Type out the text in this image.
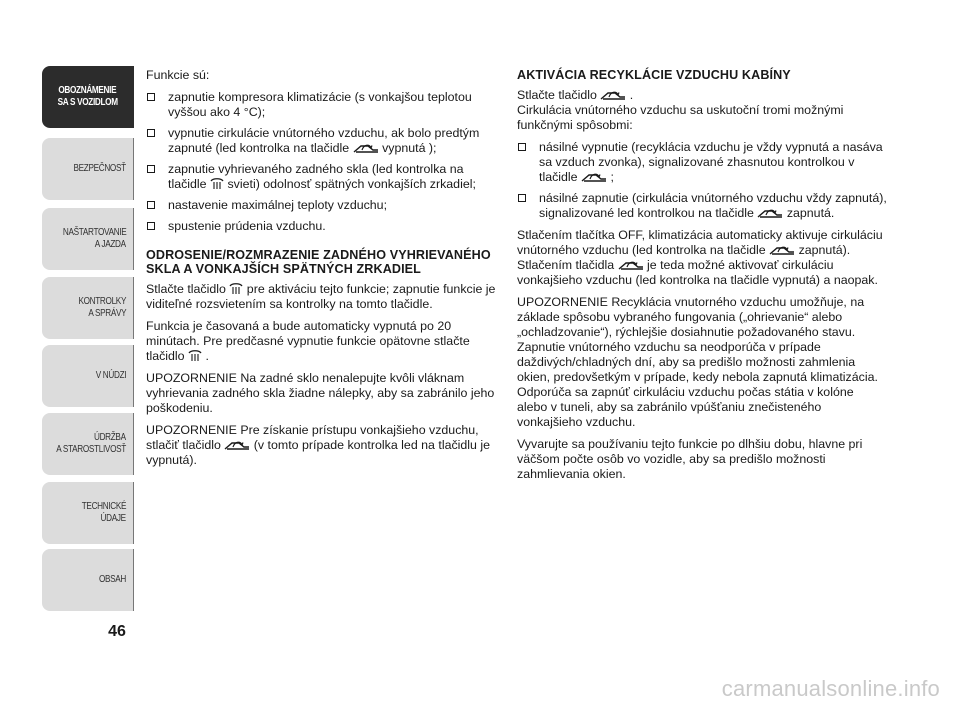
OBOZNÁMENIE
SA S VOZIDLOM
BEZPEČNOSŤ
NAŠTARTOVANIE
A JAZDA
KONTROLKY
A SPRÁVY
V NÚDZI
ÚDRŽBA
A STAROSTLIVOSŤ
TECHNICKÉ
ÚDAJE
OBSAH
46

Funkcie sú:

zapnutie kompresora klimatizácie (s vonkajšou teplotou vyššou ako 4 °C);
vypnutie cirkulácie vnútorného vzduchu, ak bolo predtým zapnuté (led kontrolka na tlačidle
vypnutá );
zapnutie vyhrievaného zadného skla (led kontrolka na tlačidle
svieti) odolnosť spätných vonkajších zrkadiel;
nastavenie maximálnej teploty vzduchu;
spustenie prúdenia vzduchu.
ODROSENIE/ROZMRAZENIE ZADNÉHO VYHRIEVANÉHO SKLA A VONKAJŠÍCH SPÄTNÝCH ZRKADIEL

Stlačte tlačidlo
pre aktiváciu tejto funkcie; zapnutie funkcie je viditeľné rozsvietením sa kontrolky na tomto tlačidle.

Funkcia je časovaná a bude automaticky vypnutá po 20 minútach. Pre predčasné vypnutie funkcie opätovne stlačte tlačidlo
.

UPOZORNENIE Na zadné sklo nenalepujte kvôli vláknam vyhrievania zadného skla žiadne nálepky, aby sa zabránilo jeho poškodeniu.

UPOZORNENIE Pre získanie prístupu vonkajšieho vzduchu, stlačiť tlačidlo
(v tomto prípade kontrolka led na tlačidlu je vypnutá).

AKTIVÁCIA RECYKLÁCIE VZDUCHU KABÍNY

Stlačte tlačidlo
.
Cirkulácia vnútorného vzduchu sa uskutoční tromi možnými funkčnými spôsobmi:

násilné vypnutie (recyklácia vzduchu je vždy vypnutá a nasáva sa vzduch zvonka), signalizované zhasnutou kontrolkou v tlačidle
;
násilné zapnutie (cirkulácia vnútorného vzduchu vždy zapnutá), signalizované led kontrolkou na tlačidle
zapnutá.

Stlačením tlačítka OFF, klimatizácia automaticky aktivuje cirkuláciu vnútorného vzduchu (led kontrolka na tlačidle
zapnutá). Stlačením tlačidla
je teda možné aktivovať cirkuláciu vonkajšieho vzduchu (led kontrolka na tlačidle vypnutá) a naopak.

UPOZORNENIE Recyklácia vnutorného vzduchu umožňuje, na základe spôsobu vybraného fungovania („ohrievanie“ alebo „ochladzovanie“), rýchlejšie dosiahnutie požadovaného stavu. Zapnutie vnútorného vzduchu sa neodporúča v prípade daždivých/chladných dní, aby sa predišlo možnosti zahmlenia okien, predovšetkým v prípade, kedy nebola zapnutá klimatizácia. Odporúča sa zapnúť cirkuláciu vzduchu počas státia v kolóne alebo v tuneli, aby sa zabránilo vpúšťaniu znečisteného vonkajšieho vzduchu.

Vyvarujte sa používaniu tejto funkcie po dlhšiu dobu, hlavne pri väčšom počte osôb vo vozidle, aby sa predišlo možnosti zahmlievania okien.

carmanualsonline.info
